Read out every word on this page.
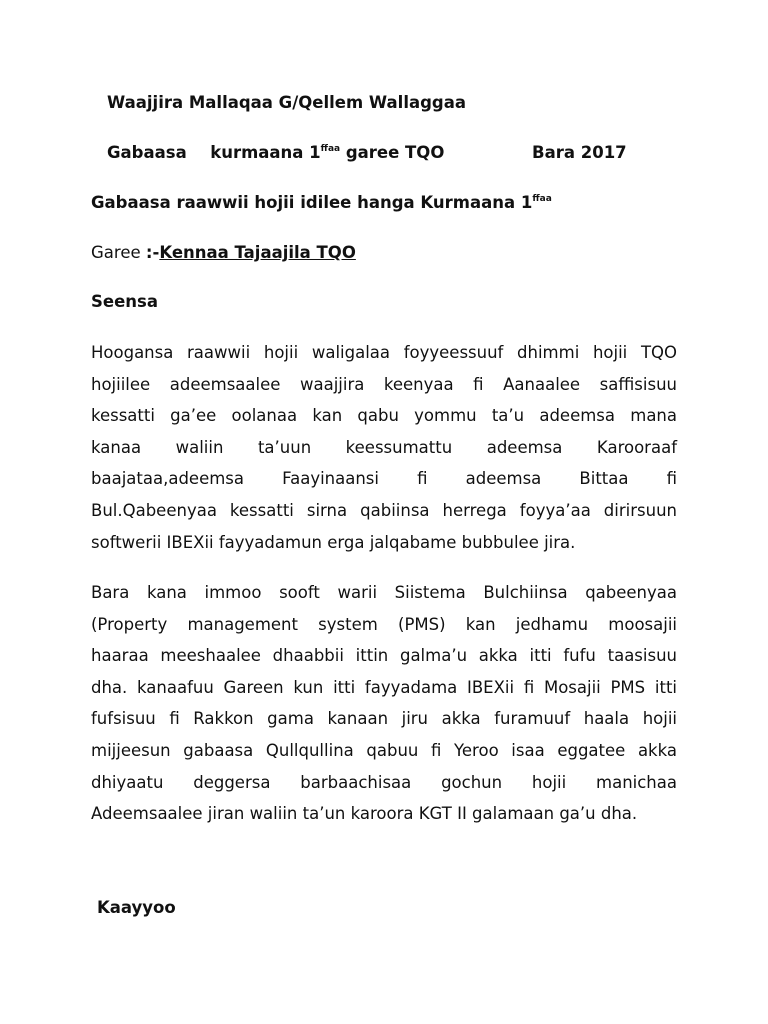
Waajjira Mallaqaa G/Qellem Wallaggaa
Gabaasa kurmaana $1^{ffaa}$ garee TQO	Bara 2017
Gabaasa raawwii hojii idilee hanga Kurmaana $1^{ffaa}$
Garee :-Kennaa Tajaajila TQO
Seensa
Hoogansa raawwii hojii waligalaa foyyeessuuf dhimmi hojii TQO
hojiilee adeemsaalee waajjira keenyaa fi Aanaalee saffisisuu
kessatti ga’ee oolanaa kan qabu yommu ta’u adeemsa mana
kanaa waliin ta’uun keessumattu adeemsa Karooraaf
baajataa,adeemsa Faayinaansi fi adeemsa Bittaa fi
Bul.Qabeenyaa kessatti sirna qabiinsa herrega foyya’aa dirirsuun
softwerii IBEXii fayyadamun erga jalqabame bubbulee jira.
Bara kana immoo sooft warii Siistema Bulchiinsa qabeenyaa
(Property management system (PMS) kan jedhamu moosajii
haaraa meeshaalee dhaabbii ittin galma’u akka itti fufu taasisuu
dha. kanaafuu Gareen kun itti fayyadama IBEXii fi Mosajii PMS itti
fufsisuu fi Rakkon gama kanaan jiru akka furamuuf haala hojii
mijjeesun gabaasa Qullqullina qabuu fi Yeroo isaa eggatee akka
dhiyaatu deggersa barbaachisaa gochun hojii manichaa
Adeemsaalee jiran waliin ta’un karoora KGT II galamaan ga’u dha.
Kaayyoo
